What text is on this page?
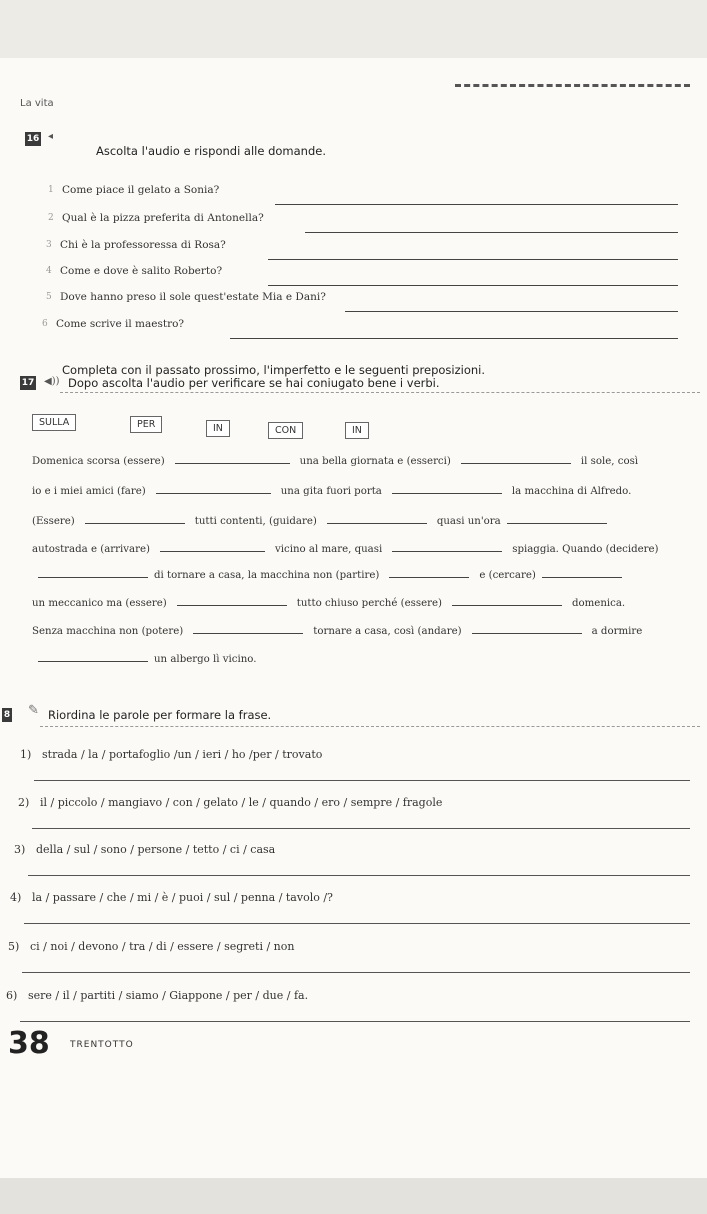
La vita
16 ◂
Ascolta l'audio e rispondi alle domande.
1 Come piace il gelato a Sonia?
2 Qual è la pizza preferita di Antonella?
3 Chi è la professoressa di Rosa?
4 Come e dove è salito Roberto?
5 Dove hanno preso il sole quest'estate Mia e Dani?
6 Come scrive il maestro?
Completa con il passato prossimo, l'imperfetto e le seguenti preposizioni.
17 ◀)) Dopo ascolta l'audio per verificare se hai coniugato bene i verbi.
SULLA	PER	IN	CON	IN
Domenica scorsa (essere)	una bella giornata e (esserci)	il sole, così
io e i miei amici (fare)	una gita fuori porta	la macchina di Alfredo.
(Essere)	tutti contenti, (guidare)	quasi un'ora
autostrada e (arrivare)	vicino al mare, quasi	spiaggia. Quando (decidere)
di tornare a casa, la macchina non (partire)	e (cercare)
un meccanico ma (essere)	tutto chiuso perché (essere)	domenica.
Senza macchina non (potere)	tornare a casa, così (andare)	a dormire
un albergo lì vicino.
8 ✎ Riordina le parole per formare la frase.
1) strada / la / portafoglio /un / ieri / ho /per / trovato
2) il / piccolo / mangiavo / con / gelato / le / quando / ero / sempre / fragole
3) della / sul / sono / persone / tetto / ci / casa
4) la / passare / che / mi / è / puoi / sul / penna / tavolo /?
5) ci / noi / devono / tra / di / essere / segreti / non
6) sere / il / partiti / siamo / Giappone / per / due / fa.
38 TRENTOTTO
